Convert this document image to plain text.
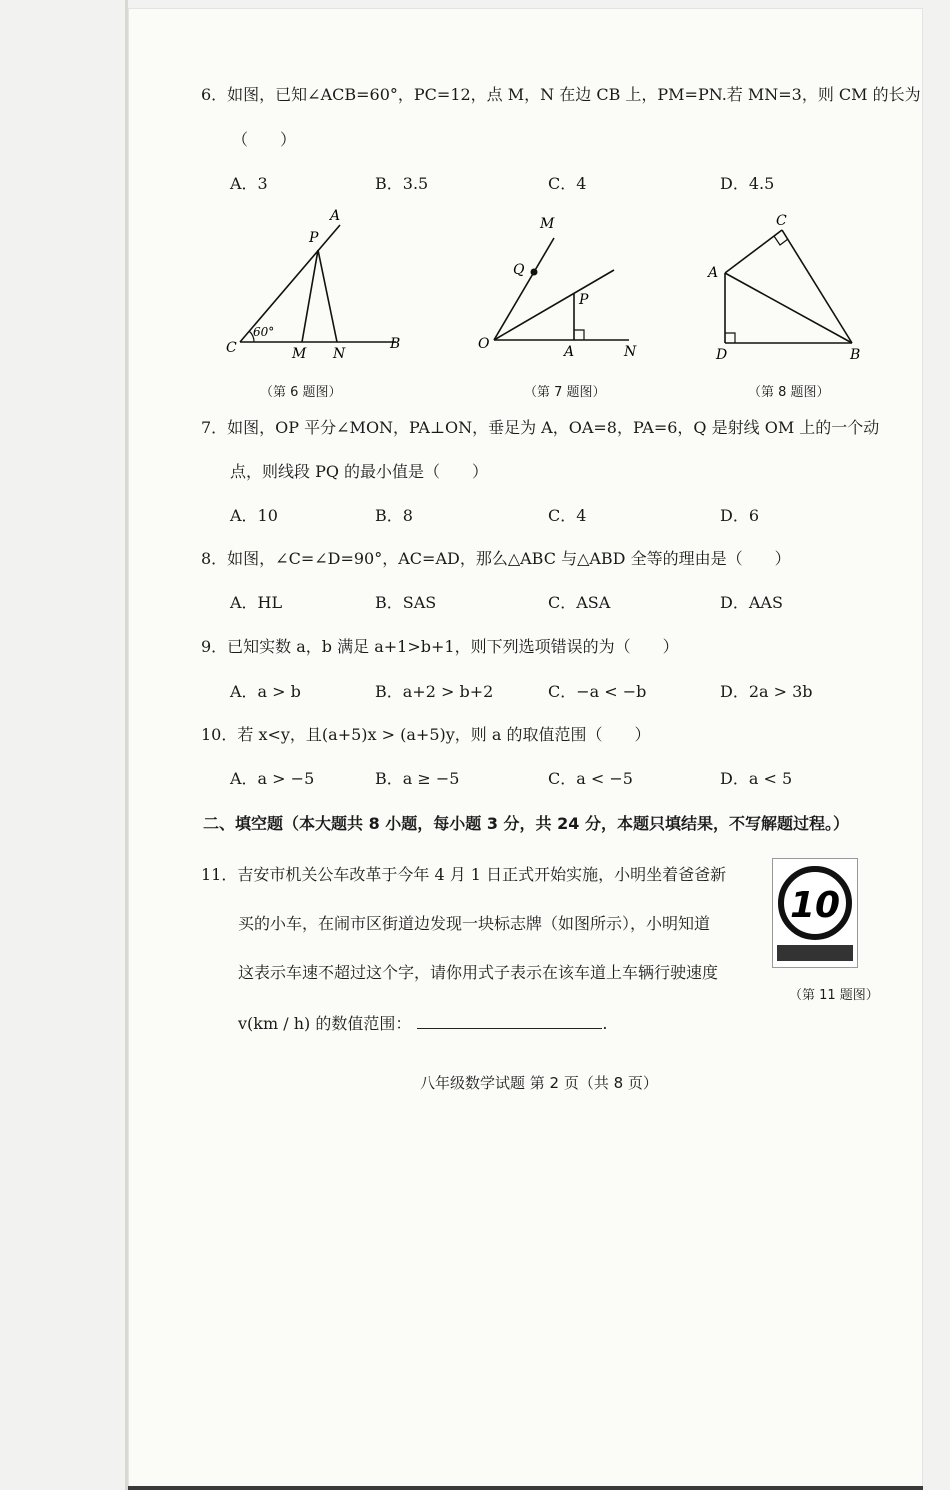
6．如图，已知∠ACB=60°，PC=12，点 M，N 在边 CB 上，PM=PN.若 MN=3，则 CM 的长为
（　　）
A．3	B．3.5	C．4	D．4.5
A
P
C	M N
B
60°
（第 6 题图）
M
Q
P
O	A	N
（第 7 题图）
C
A
D	B
（第 8 题图）
7．如图，OP 平分∠MON，PA⊥ON，垂足为 A，OA=8，PA=6，Q 是射线 OM 上的一个动
点，则线段 PQ 的最小值是（　　）
A．10	B．8	C．4	D．6
8．如图，∠C=∠D=90°，AC=AD，那么△ABC 与△ABD 全等的理由是（　　）
A．HL	B．SAS	C．ASA	D．AAS
9．已知实数 a，b 满足 a+1>b+1，则下列选项错误的为（　　）
A．a > b	B．a+2 > b+2	C．−a < −b	D．2a > 3b
10．若 x<y，且(a+5)x > (a+5)y，则 a 的取值范围（　　）
A．a > −5	B．a ≥ −5	C．a < −5	D．a < 5
二、填空题（本大题共 8 小题，每小题 3 分，共 24 分，本题只填结果，不写解题过程。）
11．吉安市机关公车改革于今年 4 月 1 日正式开始实施，小明坐着爸爸新
买的小车，在闹市区街道边发现一块标志牌（如图所示），小明知道
这表示车速不超过这个字，请你用式子表示在该车道上车辆行驶速度
v(km / h) 的数值范围：	.
10
（第 11 题图）
八年级数学试题 第 2 页（共 8 页）
